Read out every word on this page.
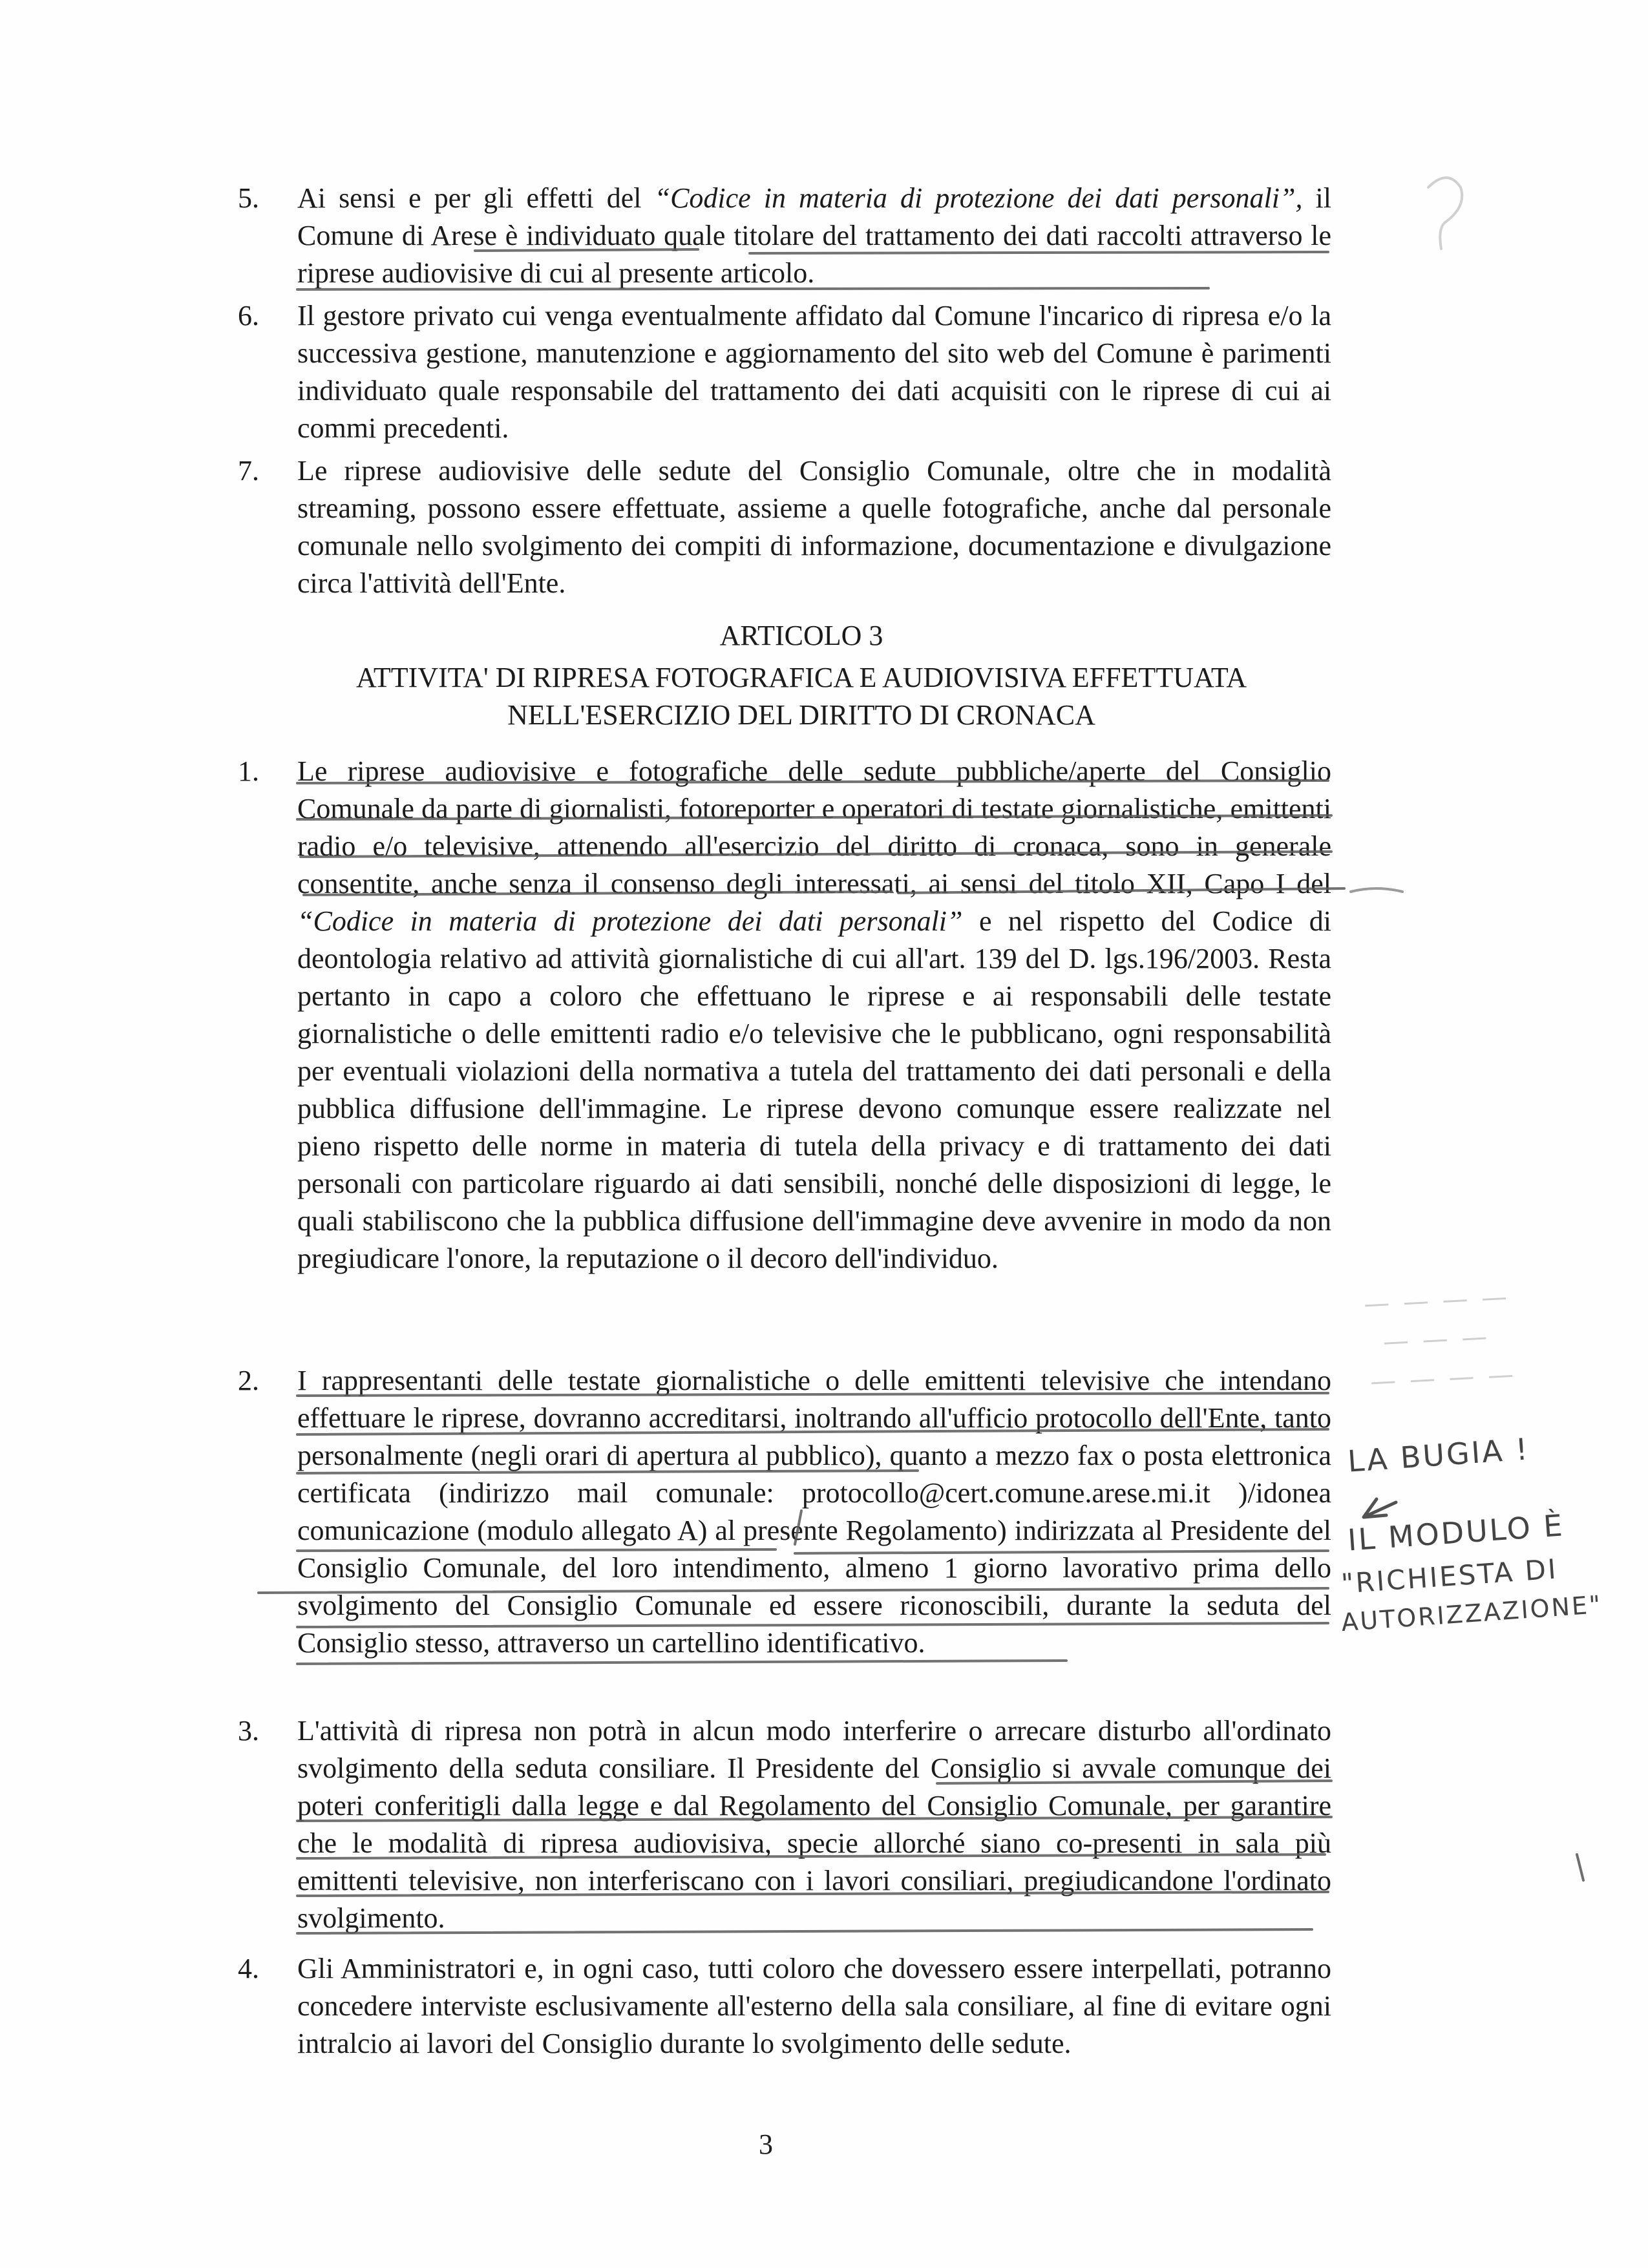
5. Ai sensi e per gli effetti del “Codice in materia di protezione dei dati personali”, il Comune di Arese è individuato quale titolare del trattamento dei dati raccolti attraverso le riprese audiovisive di cui al presente articolo.
6. Il gestore privato cui venga eventualmente affidato dal Comune l'incarico di ripresa e/o la successiva gestione, manutenzione e aggiornamento del sito web del Comune è parimenti individuato quale responsabile del trattamento dei dati acquisiti con le riprese di cui ai commi precedenti.
7. Le riprese audiovisive delle sedute del Consiglio Comunale, oltre che in modalità streaming, possono essere effettuate, assieme a quelle fotografiche, anche dal personale comunale nello svolgimento dei compiti di informazione, documentazione e divulgazione circa l'attività dell'Ente.
ARTICOLO 3
ATTIVITA' DI RIPRESA FOTOGRAFICA E AUDIOVISIVA EFFETTUATA
NELL'ESERCIZIO DEL DIRITTO DI CRONACA
1. Le riprese audiovisive e fotografiche delle sedute pubbliche/aperte del Consiglio Comunale da parte di giornalisti, fotoreporter e operatori di testate giornalistiche, emittenti radio e/o televisive, attenendo all'esercizio del diritto di cronaca, sono in generale consentite, anche senza il consenso degli interessati, ai sensi del titolo XII, Capo I del “Codice in materia di protezione dei dati personali” e nel rispetto del Codice di deontologia relativo ad attività giornalistiche di cui all'art. 139 del D. lgs.196/2003. Resta pertanto in capo a coloro che effettuano le riprese e ai responsabili delle testate giornalistiche o delle emittenti radio e/o televisive che le pubblicano, ogni responsabilità per eventuali violazioni della normativa a tutela del trattamento dei dati personali e della pubblica diffusione dell'immagine. Le riprese devono comunque essere realizzate nel pieno rispetto delle norme in materia di tutela della privacy e di trattamento dei dati personali con particolare riguardo ai dati sensibili, nonché delle disposizioni di legge, le quali stabiliscono che la pubblica diffusione dell'immagine deve avvenire in modo da non pregiudicare l'onore, la reputazione o il decoro dell'individuo.
2. I rappresentanti delle testate giornalistiche o delle emittenti televisive che intendano effettuare le riprese, dovranno accreditarsi, inoltrando all'ufficio protocollo dell'Ente, tanto personalmente (negli orari di apertura al pubblico), quanto a mezzo fax o posta elettronica certificata (indirizzo mail comunale: protocollo@cert.comune.arese.mi.it )/idonea comunicazione (modulo allegato A) al presente Regolamento) indirizzata al Presidente del Consiglio Comunale, del loro intendimento, almeno 1 giorno lavorativo prima dello svolgimento del Consiglio Comunale ed essere riconoscibili, durante la seduta del Consiglio stesso, attraverso un cartellino identificativo.
3. L'attività di ripresa non potrà in alcun modo interferire o arrecare disturbo all'ordinato svolgimento della seduta consiliare. Il Presidente del Consiglio si avvale comunque dei poteri conferitigli dalla legge e dal Regolamento del Consiglio Comunale, per garantire che le modalità di ripresa audiovisiva, specie allorché siano co-presenti in sala più emittenti televisive, non interferiscano con i lavori consiliari, pregiudicandone l'ordinato svolgimento.
4. Gli Amministratori e, in ogni caso, tutti coloro che dovessero essere interpellati, potranno concedere interviste esclusivamente all'esterno della sala consiliare, al fine di evitare ogni intralcio ai lavori del Consiglio durante lo svolgimento delle sedute.
3
— — — —
— — —
— — — —
LA BUGIA !
IL MODULO È
"RICHIESTA DI
AUTORIZZAZIONE"
